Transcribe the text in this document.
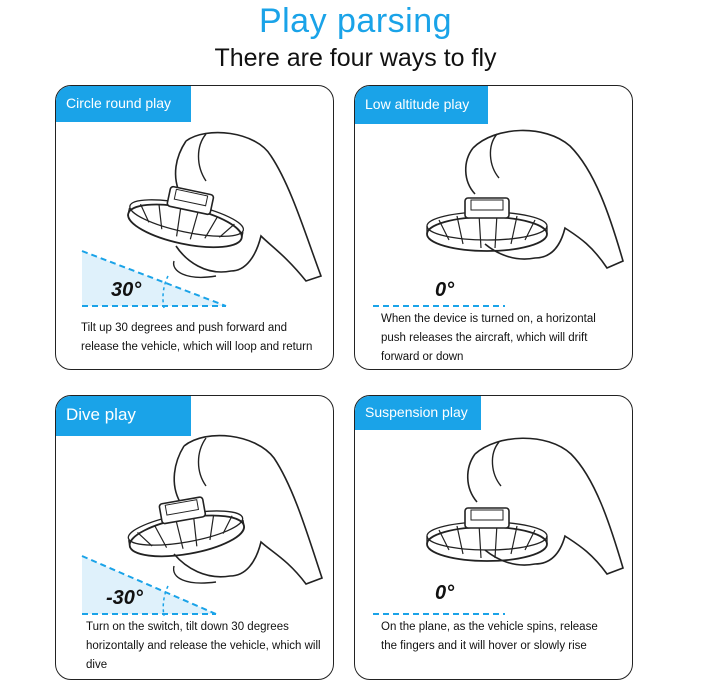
Play parsing
There are four ways to fly
Circle round play
30°
Tilt up 30 degrees and push forward and release the vehicle, which will loop and return
Low altitude play
0°
When the device is turned on, a horizontal push releases the aircraft, which will drift forward or down
Dive play
-30°
Turn on the switch, tilt down 30 degrees horizontally and release the vehicle, which will dive
Suspension play
0°
On the plane, as the vehicle spins, release the fingers and it will hover or slowly rise
